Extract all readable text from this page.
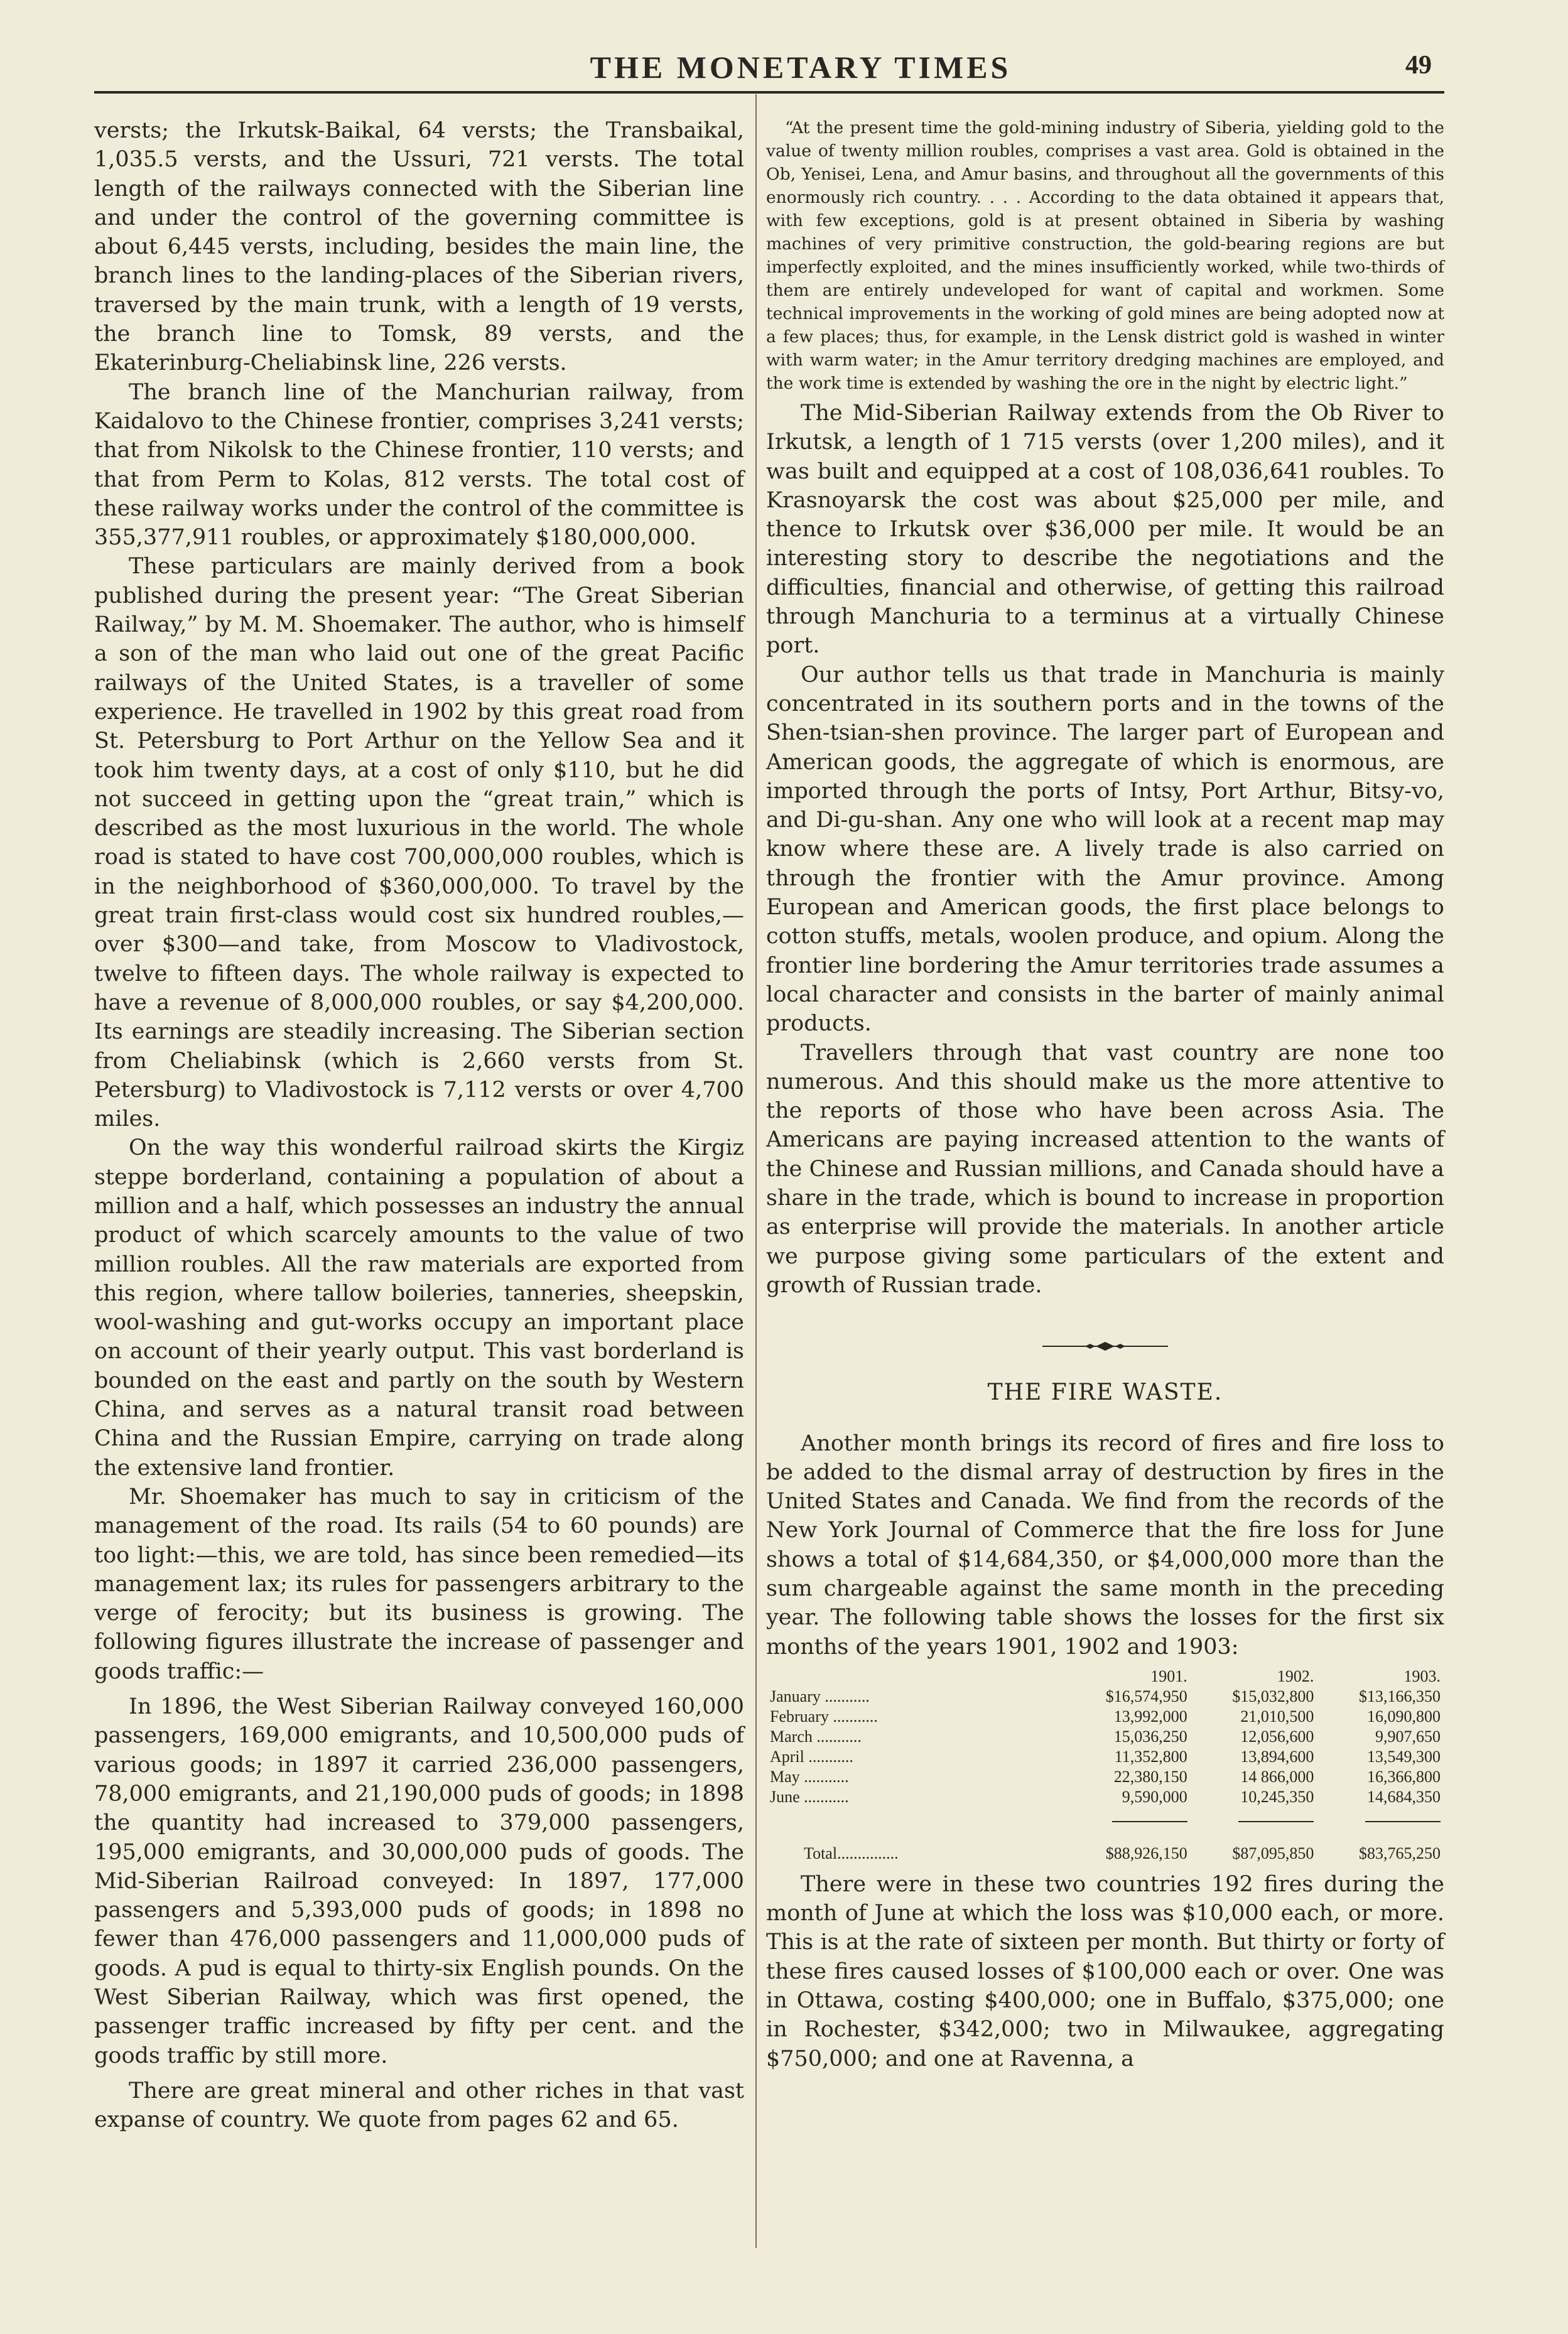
THE MONETARY TIMES	49

versts; the Irkutsk-Baikal, 64 versts; the Transbaikal, 1,035.5 versts, and the Ussuri, 721 versts. The total length of the railways connected with the Siberian line and under the control of the governing committee is about 6,445 versts, including, besides the main line, the branch lines to the landing-places of the Siberian rivers, traversed by the main trunk, with a length of 19 versts, the branch line to Tomsk, 89 versts, and the Ekaterinburg-Cheliabinsk line, 226 versts.

The branch line of the Manchurian railway, from Kaidalovo to the Chinese frontier, comprises 3,241 versts; that from Nikolsk to the Chinese frontier, 110 versts; and that from Perm to Kolas, 812 versts. The total cost of these railway works under the control of the committee is 355,377,911 roubles, or approximately $180,000,000.

These particulars are mainly derived from a book published during the present year: “The Great Siberian Railway,” by M. M. Shoemaker. The author, who is himself a son of the man who laid out one of the great Pacific railways of the United States, is a traveller of some experience. He travelled in 1902 by this great road from St. Petersburg to Port Arthur on the Yellow Sea and it took him twenty days, at a cost of only $110, but he did not succeed in getting upon the “great train,” which is described as the most luxurious in the world. The whole road is stated to have cost 700,000,000 roubles, which is in the neighborhood of $360,000,000. To travel by the great train first-class would cost six hundred roubles,—over $300—and take, from Moscow to Vladivostock, twelve to fifteen days. The whole railway is expected to have a revenue of 8,000,000 roubles, or say $4,200,000. Its earnings are steadily increasing. The Siberian section from Cheliabinsk (which is 2,660 versts from St. Petersburg) to Vladivostock is 7,112 versts or over 4,700 miles.

On the way this wonderful railroad skirts the Kirgiz steppe borderland, containing a population of about a million and a half, which possesses an industry the annual product of which scarcely amounts to the value of two million roubles. All the raw materials are exported from this region, where tallow boileries, tanneries, sheepskin, wool-washing and gut-works occupy an important place on account of their yearly output. This vast borderland is bounded on the east and partly on the south by Western China, and serves as a natural transit road between China and the Russian Empire, carrying on trade along the extensive land frontier.

Mr. Shoemaker has much to say in criticism of the management of the road. Its rails (54 to 60 pounds) are too light:—this, we are told, has since been remedied—its management lax; its rules for passengers arbitrary to the verge of ferocity; but its business is growing. The following figures illustrate the increase of passenger and goods traffic:—

In 1896, the West Siberian Railway conveyed 160,000 passengers, 169,000 emigrants, and 10,500,000 puds of various goods; in 1897 it carried 236,000 passengers, 78,000 emigrants, and 21,190,000 puds of goods; in 1898 the quantity had increased to 379,000 passengers, 195,000 emigrants, and 30,000,000 puds of goods. The Mid-Siberian Railroad conveyed: In 1897, 177,000 passengers and 5,393,000 puds of goods; in 1898 no fewer than 476,000 passengers and 11,000,000 puds of goods. A pud is equal to thirty-six English pounds. On the West Siberian Railway, which was first opened, the passenger traffic increased by fifty per cent. and the goods traffic by still more.

There are great mineral and other riches in that vast expanse of country. We quote from pages 62 and 65.

“At the present time the gold-mining industry of Siberia, yielding gold to the value of twenty million roubles, comprises a vast area. Gold is obtained in the Ob, Yenisei, Lena, and Amur basins, and throughout all the governments of this enormously rich country. . . . According to the data obtained it appears that, with few exceptions, gold is at present obtained in Siberia by washing machines of very primitive construction, the gold-bearing regions are but imperfectly exploited, and the mines insufficiently worked, while two-thirds of them are entirely undeveloped for want of capital and workmen. Some technical improvements in the working of gold mines are being adopted now at a few places; thus, for example, in the Lensk district gold is washed in winter with warm water; in the Amur territory dredging machines are employed, and the work time is extended by washing the ore in the night by electric light.”

The Mid-Siberian Railway extends from the Ob River to Irkutsk, a length of 1 715 versts (over 1,200 miles), and it was built and equipped at a cost of 108,036,641 roubles. To Krasnoyarsk the cost was about $25,000 per mile, and thence to Irkutsk over $36,000 per mile. It would be an interesting story to describe the negotiations and the difficulties, financial and otherwise, of getting this railroad through Manchuria to a terminus at a virtually Chinese port.

Our author tells us that trade in Manchuria is mainly concentrated in its southern ports and in the towns of the Shen-tsian-shen province. The larger part of European and American goods, the aggregate of which is enormous, are imported through the ports of Intsy, Port Arthur, Bitsy-vo, and Di-gu-shan. Any one who will look at a recent map may know where these are. A lively trade is also carried on through the frontier with the Amur province. Among European and American goods, the first place belongs to cotton stuffs, metals, woolen produce, and opium. Along the frontier line bordering the Amur territories trade assumes a local character and consists in the barter of mainly animal products.

Travellers through that vast country are none too numerous. And this should make us the more attentive to the reports of those who have been across Asia. The Americans are paying increased attention to the wants of the Chinese and Russian millions, and Canada should have a share in the trade, which is bound to increase in proportion as enterprise will provide the materials. In another article we purpose giving some particulars of the extent and growth of Russian trade.

THE FIRE WASTE.

Another month brings its record of fires and fire loss to be added to the dismal array of destruction by fires in the United States and Canada. We find from the records of the New York Journal of Commerce that the fire loss for June shows a total of $14,684,350, or $4,000,000 more than the sum chargeable against the same month in the preceding year. The following table shows the losses for the first six months of the years 1901, 1902 and 1903:

	1901.	1902.	1903.
January ...........	$16,574,950	$15,032,800	$13,166,350
February ...........	13,992,000	21,010,500	16,090,800
March ...........	15,036,250	12,056,600	9,907,650
April ...........	11,352,800	13,894,600	13,549,300
May ...........	22,380,150	14 866,000	16,366,800
June ...........	9,590,000	10,245,350	14,684,350

Total...............	$88,926,150	$87,095,850	$83,765,250

There were in these two countries 192 fires during the month of June at which the loss was $10,000 each, or more. This is at the rate of sixteen per month. But thirty or forty of these fires caused losses of $100,000 each or over. One was in Ottawa, costing $400,000; one in Buffalo, $375,000; one in Rochester, $342,000; two in Milwaukee, aggregating $750,000; and one at Ravenna, a
